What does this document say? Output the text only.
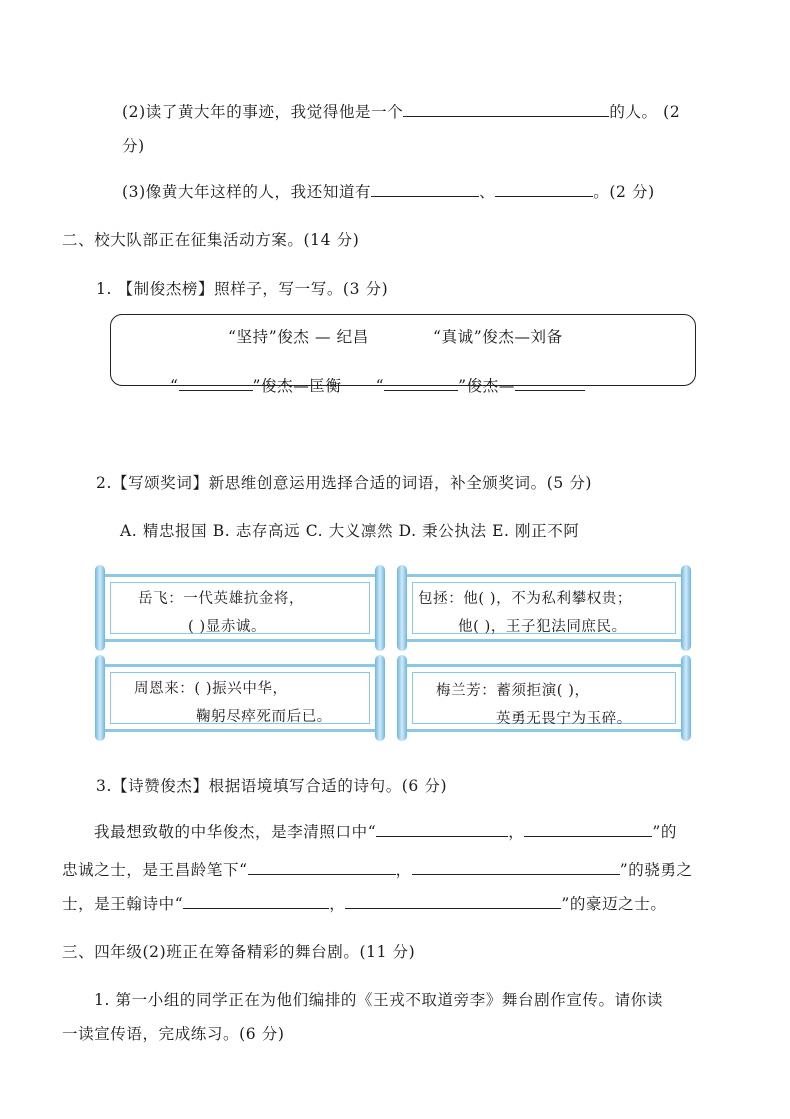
(2)读了黄大年的事迹，我觉得他是一个	的人。 (2
分)
(3)像黄大年这样的人，我还知道有	、	。(2 分)
二、校大队部正在征集活动方案。(14 分)
1. 【制俊杰榜】照样子，写一写。(3 分)
“坚持”俊杰 — 纪昌	“真诚”俊杰—刘备
“	”俊杰—匡衡 “	”俊杰—
2.【写颂奖词】新思维创意运用选择合适的词语，补全颁奖词。(5 分)
A. 精忠报国 B. 志存高远 C. 大义凛然 D. 秉公执法 E. 刚正不阿
岳飞：一代英雄抗金将，
( )显赤诚。
包拯：他( )，不为私利攀权贵；
他( )，王子犯法同庶民。
周恩来：( )振兴中华，
鞠躬尽瘁死而后已。
梅兰芳：蓄须拒演( )，
英勇无畏宁为玉碎。
3.【诗赞俊杰】根据语境填写合适的诗句。(6 分)
我最想致敬的中华俊杰，是李清照口中“	，	”的
忠诚之士，是王昌龄笔下“	，	”的骁勇之
士，是王翰诗中“	，	”的豪迈之士。
三、四年级(2)班正在筹备精彩的舞台剧。(11 分)
1. 第一小组的同学正在为他们编排的《王戎不取道旁李》舞台剧作宣传。请你读
一读宣传语，完成练习。(6 分)
